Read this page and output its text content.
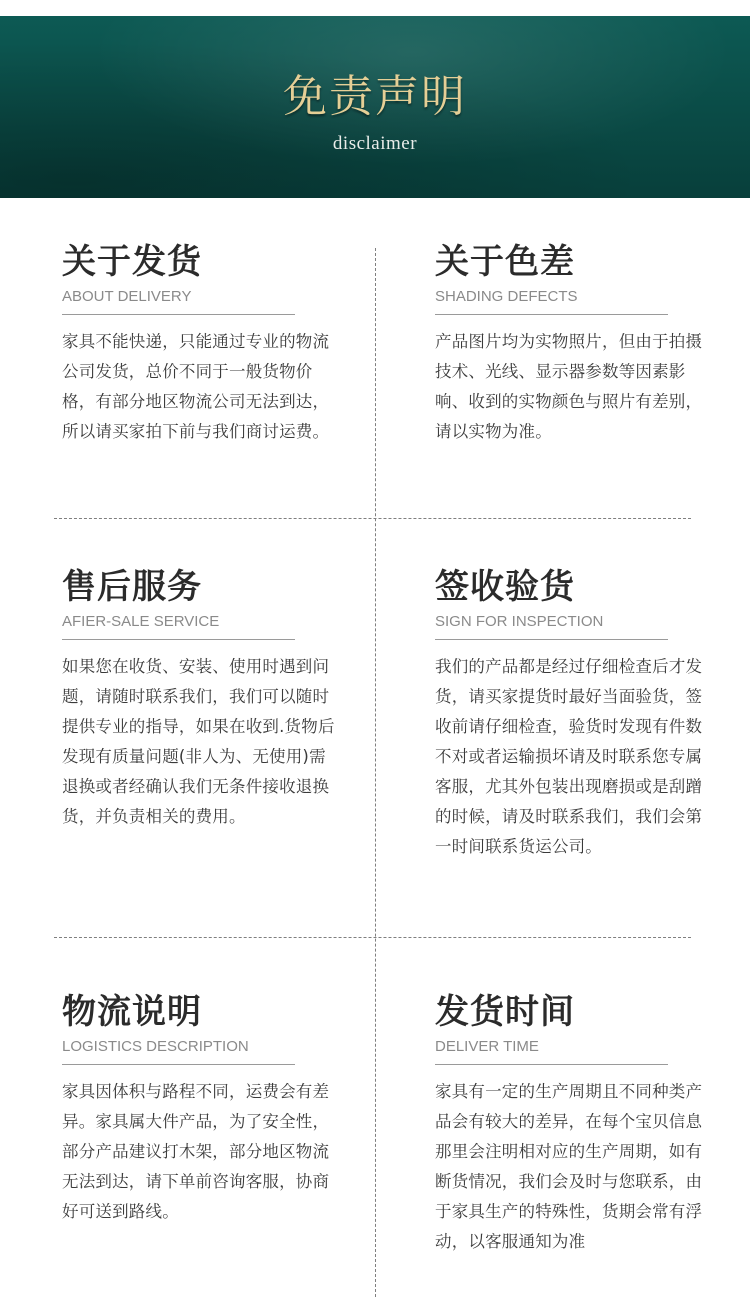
免责声明
disclaimer
关于发货
ABOUT DELIVERY
家具不能快递，只能通过专业的物流公司发货，总价不同于一般货物价格，有部分地区物流公司无法到达，所以请买家拍下前与我们商讨运费。
关于色差
SHADING DEFECTS
产品图片均为实物照片，但由于拍摄技术、光线、显示器参数等因素影响、收到的实物颜色与照片有差别，请以实物为准。
售后服务
AFIER-SALE SERVICE
如果您在收货、安装、使用时遇到问题，请随时联系我们，我们可以随时提供专业的指导，如果在收到.货物后发现有质量问题(非人为、无使用)需退换或者经确认我们无条件接收退换货，并负责相关的费用。
签收验货
SIGN FOR INSPECTION
我们的产品都是经过仔细检查后才发货，请买家提货时最好当面验货，签收前请仔细检查，验货时发现有件数不对或者运输损坏请及时联系您专属客服，尤其外包装出现磨损或是刮蹭的时候，请及时联系我们，我们会第一时间联系货运公司。
物流说明
LOGISTICS DESCRIPTION
家具因体积与路程不同，运费会有差异。家具属大件产品，为了安全性，部分产品建议打木架，部分地区物流无法到达，请下单前咨询客服，协商好可送到路线。
发货时间
DELIVER TIME
家具有一定的生产周期且不同种类产品会有较大的差异，在每个宝贝信息那里会注明相对应的生产周期，如有断货情况，我们会及时与您联系，由于家具生产的特殊性，货期会常有浮动，以客服通知为准
